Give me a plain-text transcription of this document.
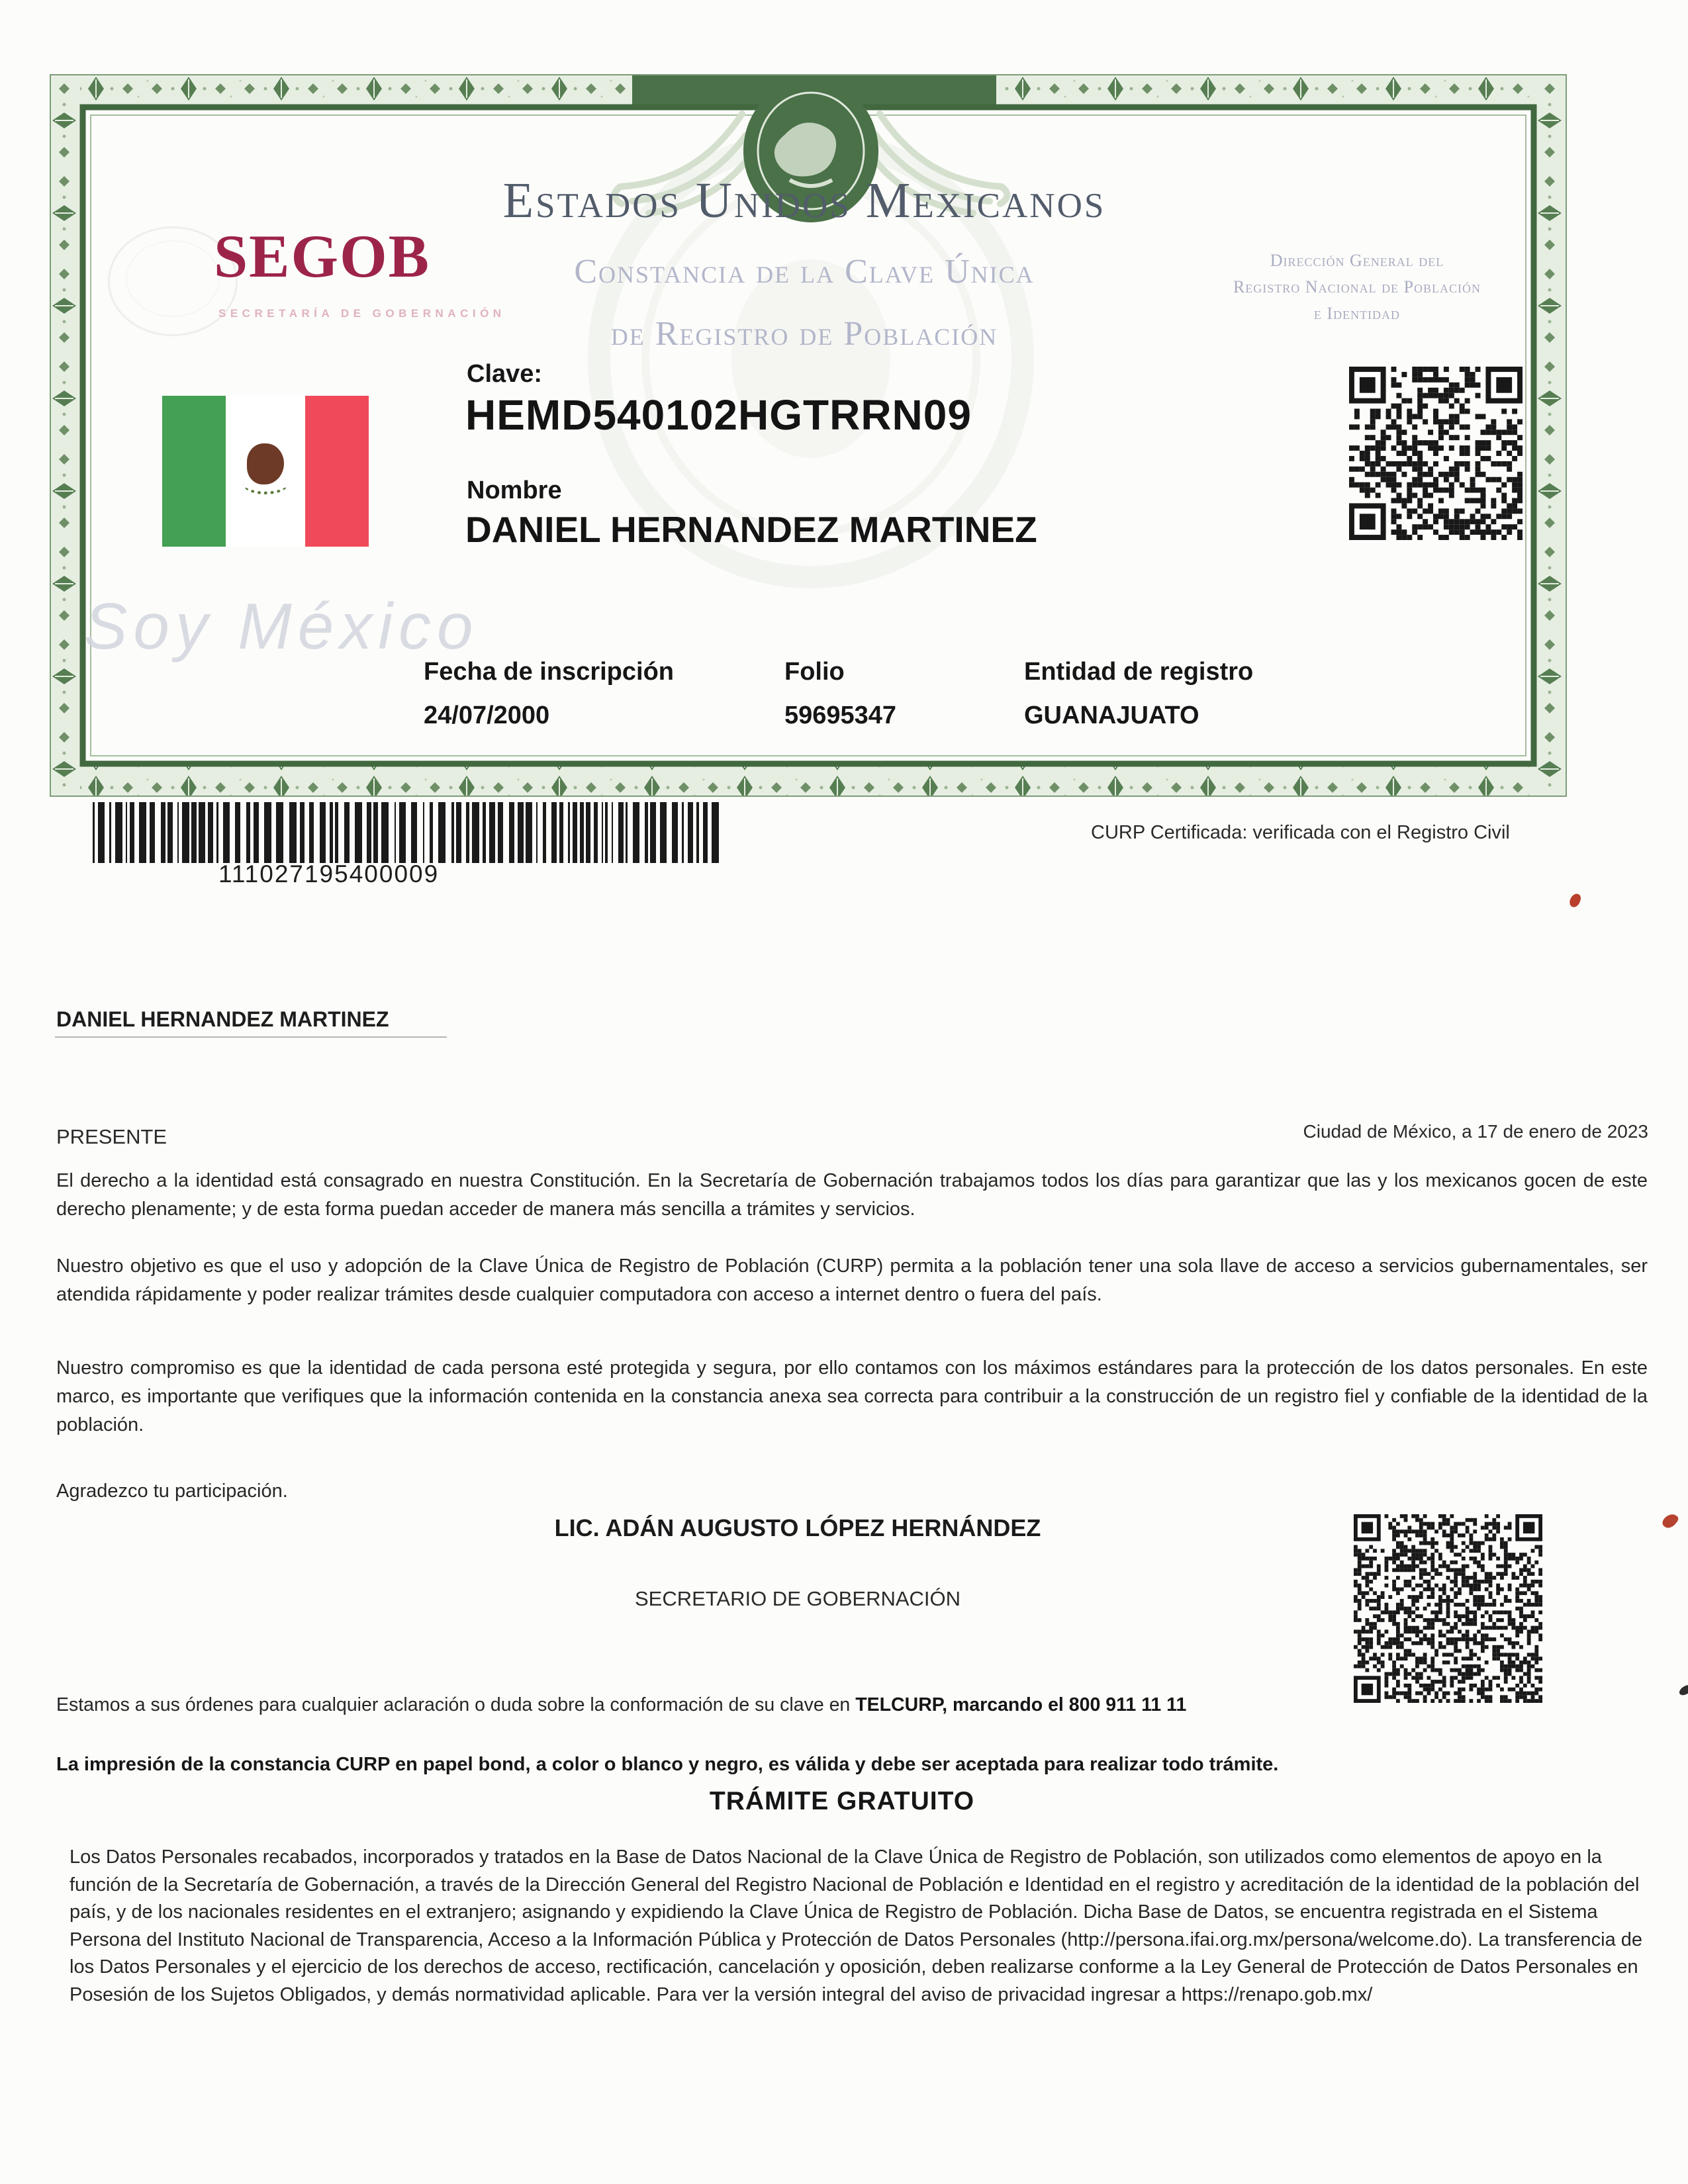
SEGOB
SECRETARÍA DE GOBERNACIÓN
Estados Unidos Mexicanos
Constancia de la Clave Única
de Registro de Población
Dirección General del
Registro Nacional de Población
e Identidad
Clave:
HEMD540102HGTRRN09
Nombre
DANIEL HERNANDEZ MARTINEZ
Soy México
Fecha de inscripción	Folio	Entidad de registro
24/07/2000	59695347	GUANAJUATO
111027195400009
CURP Certificada: verificada con el Registro Civil
DANIEL HERNANDEZ MARTINEZ
PRESENTE	Ciudad de México, a 17 de enero de 2023
El derecho a la identidad está consagrado en nuestra Constitución. En la Secretaría de Gobernación trabajamos todos los días para garantizar que las y los mexicanos gocen de este derecho plenamente; y de esta forma puedan acceder de manera más sencilla a trámites y servicios.
Nuestro objetivo es que el uso y adopción de la Clave Única de Registro de Población (CURP) permita a la población tener una sola llave de acceso a servicios gubernamentales, ser atendida rápidamente y poder realizar trámites desde cualquier computadora con acceso a internet dentro o fuera del país.
Nuestro compromiso es que la identidad de cada persona esté protegida y segura, por ello contamos con los máximos estándares para la protección de los datos personales. En este marco, es importante que verifiques que la información contenida en la constancia anexa sea correcta para contribuir a la construcción de un registro fiel y confiable de la identidad de la población.
Agradezco tu participación.
LIC. ADÁN AUGUSTO LÓPEZ HERNÁNDEZ
SECRETARIO DE GOBERNACIÓN
Estamos a sus órdenes para cualquier aclaración o duda sobre la conformación de su clave en TELCURP, marcando el 800 911 11 11
La impresión de la constancia CURP en papel bond, a color o blanco y negro, es válida y debe ser aceptada para realizar todo trámite.
TRÁMITE GRATUITO
Los Datos Personales recabados, incorporados y tratados en la Base de Datos Nacional de la Clave Única de Registro de Población, son utilizados como elementos de apoyo en la función de la Secretaría de Gobernación, a través de la Dirección General del Registro Nacional de Población e Identidad en el registro y acreditación de la identidad de la población del país, y de los nacionales residentes en el extranjero; asignando y expidiendo la Clave Única de Registro de Población. Dicha Base de Datos, se encuentra registrada en el Sistema Persona del Instituto Nacional de Transparencia, Acceso a la Información Pública y Protección de Datos Personales (http://persona.ifai.org.mx/persona/welcome.do). La transferencia de los Datos Personales y el ejercicio de los derechos de acceso, rectificación, cancelación y oposición, deben realizarse conforme a la Ley General de Protección de Datos Personales en Posesión de los Sujetos Obligados, y demás normatividad aplicable. Para ver la versión integral del aviso de privacidad ingresar a https://renapo.gob.mx/
